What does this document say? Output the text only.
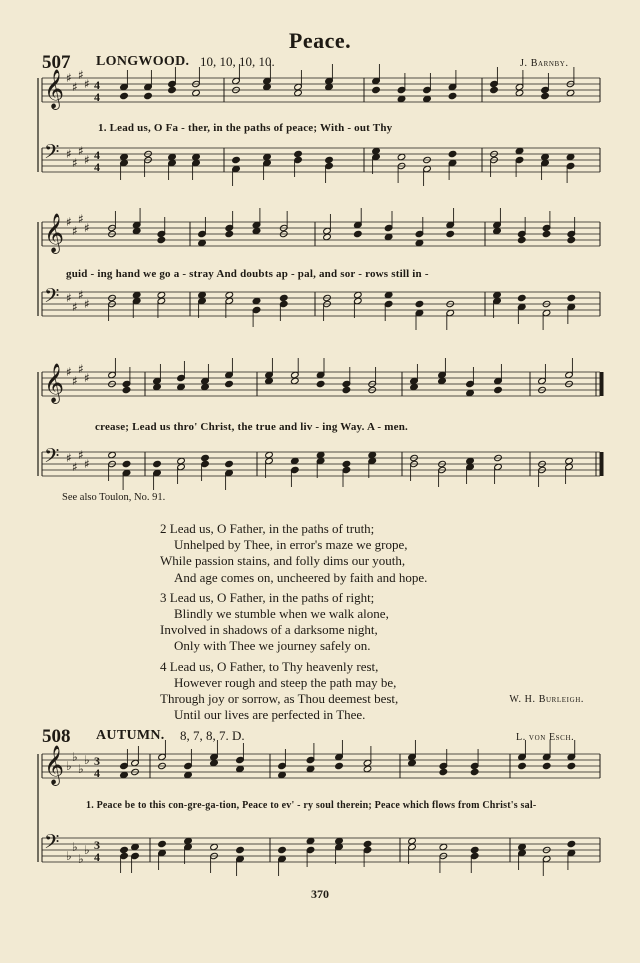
Peace.
507 LONGWOOD. 10, 10, 10, 10.	J. Barnby.
1. Lead us, O Fa - ther, in the paths of peace; With - out Thy
guid - ing hand we go a - stray And doubts ap - pal, and sor - rows still in -
crease; Lead us thro' Christ, the true and liv - ing Way. A - men.
See also Toulon, No. 91.
2 Lead us, O Father, in the paths of truth;
Unhelped by Thee, in error's maze we grope,
While passion stains, and folly dims our youth,
And age comes on, uncheered by faith and hope.
3 Lead us, O Father, in the paths of right;
Blindly we stumble when we walk alone,
Involved in shadows of a darksome night,
Only with Thee we journey safely on.
4 Lead us, O Father, to Thy heavenly rest,
However rough and steep the path may be,
Through joy or sorrow, as Thou deemest best,
Until our lives are perfected in Thee.
W. H. Burleigh.
508 AUTUMN. 8, 7, 8, 7. D.	L. von Esch.
1. Peace be to this con-gre-ga-tion, Peace to ev' - ry soul therein; Peace which flows from Christ's sal-
370
𝄞 ♯
♯
♯
♯ 4
4
𝄢 ♯
♯
♯
♯ 4
4
𝄞 ♯
♯
♯
♯
𝄢 ♯
♯
♯
♯
𝄞 ♯
♯
♯
♯
𝄢 ♯
♯
♯
♯
𝄞 ♭
♭
♭
♭ 3
4
𝄢 ♭
♭
♭
♭ 3
4
